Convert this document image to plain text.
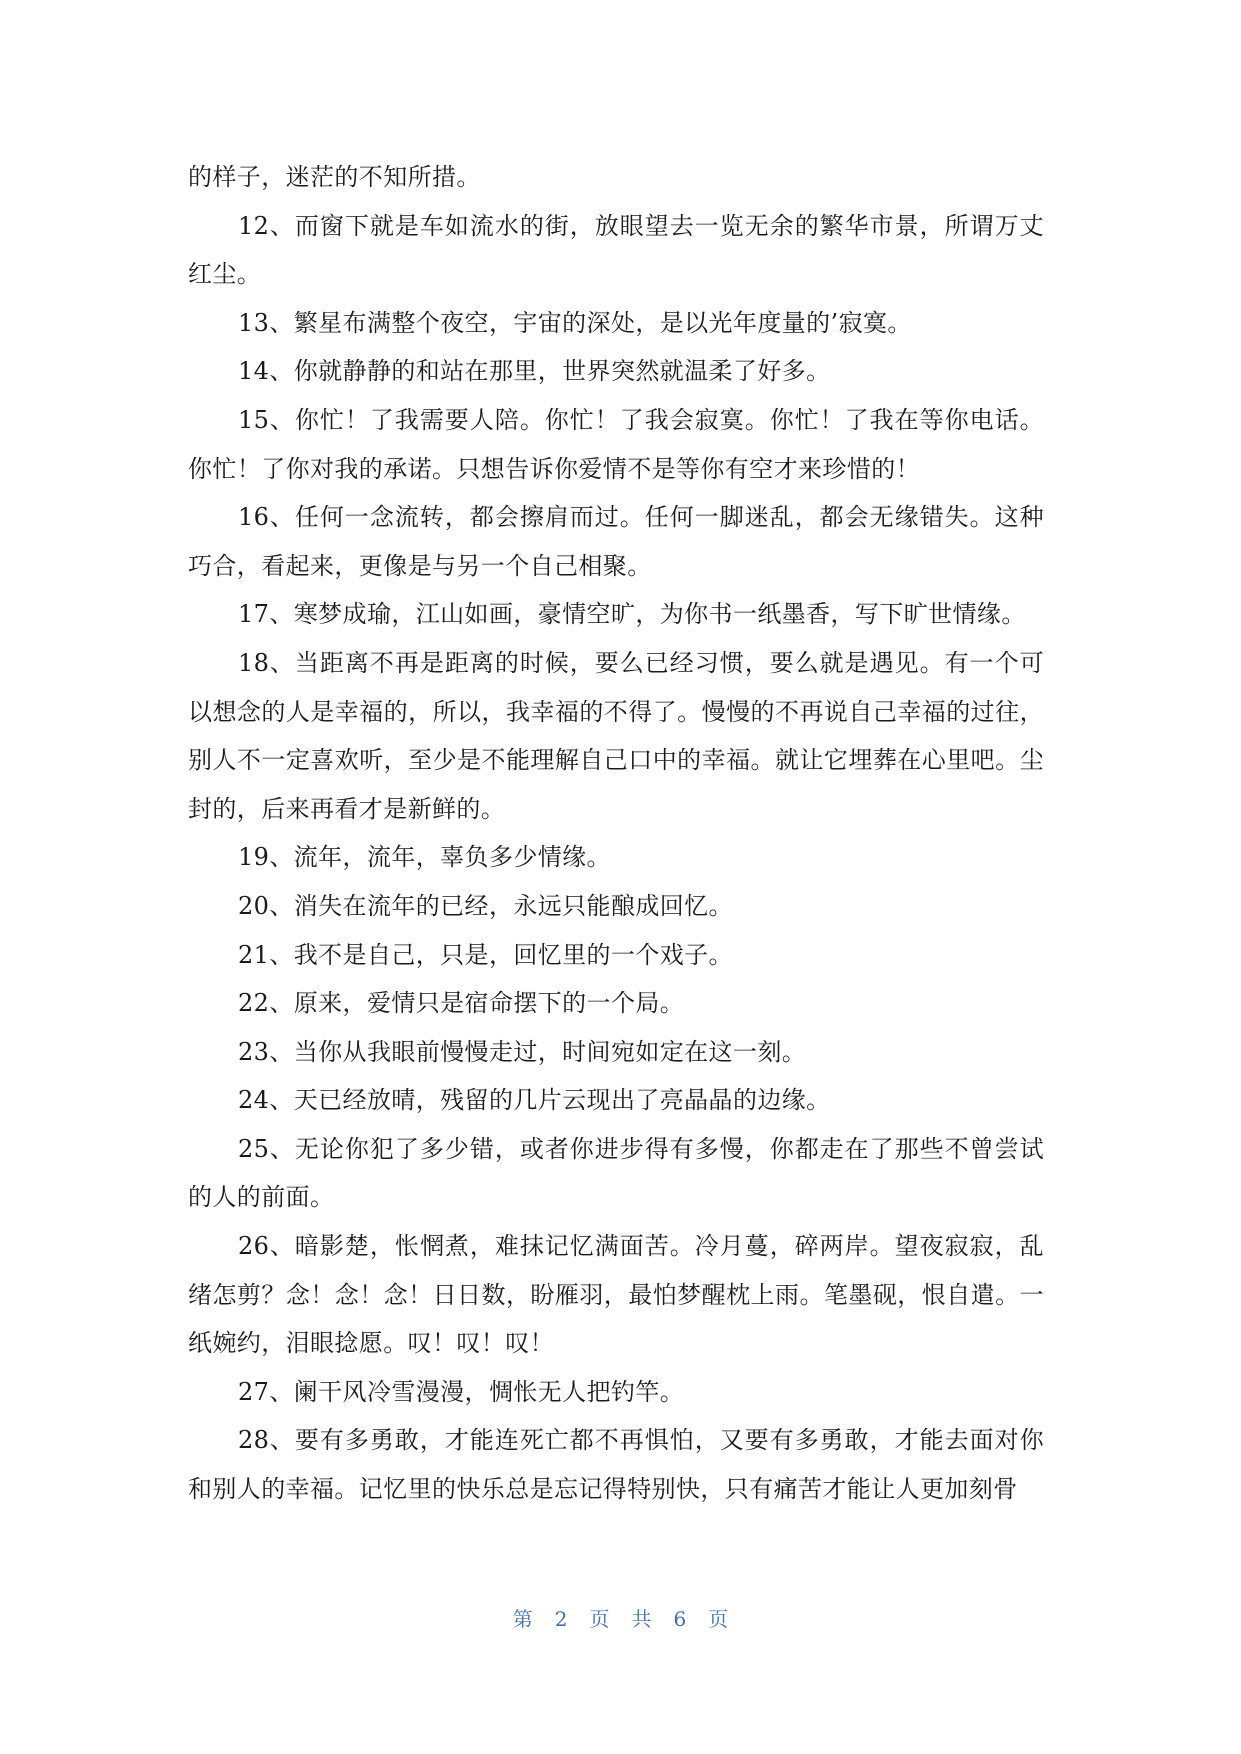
的样子，迷茫的不知所措。

12、而窗下就是车如流水的街，放眼望去一览无余的繁华市景，所谓万丈红尘。

13、繁星布满整个夜空，宇宙的深处，是以光年度量的’寂寞。

14、你就静静的和站在那里，世界突然就温柔了好多。

15、你忙！了我需要人陪。你忙！了我会寂寞。你忙！了我在等你电话。你忙！了你对我的承诺。只想告诉你爱情不是等你有空才来珍惜的！

16、任何一念流转，都会擦肩而过。任何一脚迷乱，都会无缘错失。这种巧合，看起来，更像是与另一个自己相聚。

17、寒梦成瑜，江山如画，豪情空旷，为你书一纸墨香，写下旷世情缘。

18、当距离不再是距离的时候，要么已经习惯，要么就是遇见。有一个可以想念的人是幸福的，所以，我幸福的不得了。慢慢的不再说自己幸福的过往，别人不一定喜欢听，至少是不能理解自己口中的幸福。就让它埋葬在心里吧。尘封的，后来再看才是新鲜的。

19、流年，流年，辜负多少情缘。

20、消失在流年的已经，永远只能酿成回忆。

21、我不是自己，只是，回忆里的一个戏子。

22、原来，爱情只是宿命摆下的一个局。

23、当你从我眼前慢慢走过，时间宛如定在这一刻。

24、天已经放晴，残留的几片云现出了亮晶晶的边缘。

25、无论你犯了多少错，或者你进步得有多慢，你都走在了那些不曾尝试的人的前面。

26、暗影楚，怅惘煮，难抹记忆满面苦。冷月蔓，碎两岸。望夜寂寂，乱绪怎剪？念！念！念！日日数，盼雁羽，最怕梦醒枕上雨。笔墨砚，恨自遣。一纸婉约，泪眼捻愿。叹！叹！叹！

27、阑干风冷雪漫漫，惆怅无人把钓竿。

28、要有多勇敢，才能连死亡都不再惧怕，又要有多勇敢，才能去面对你和别人的幸福。记忆里的快乐总是忘记得特别快，只有痛苦才能让人更加刻骨

第 2 页 共 6 页
